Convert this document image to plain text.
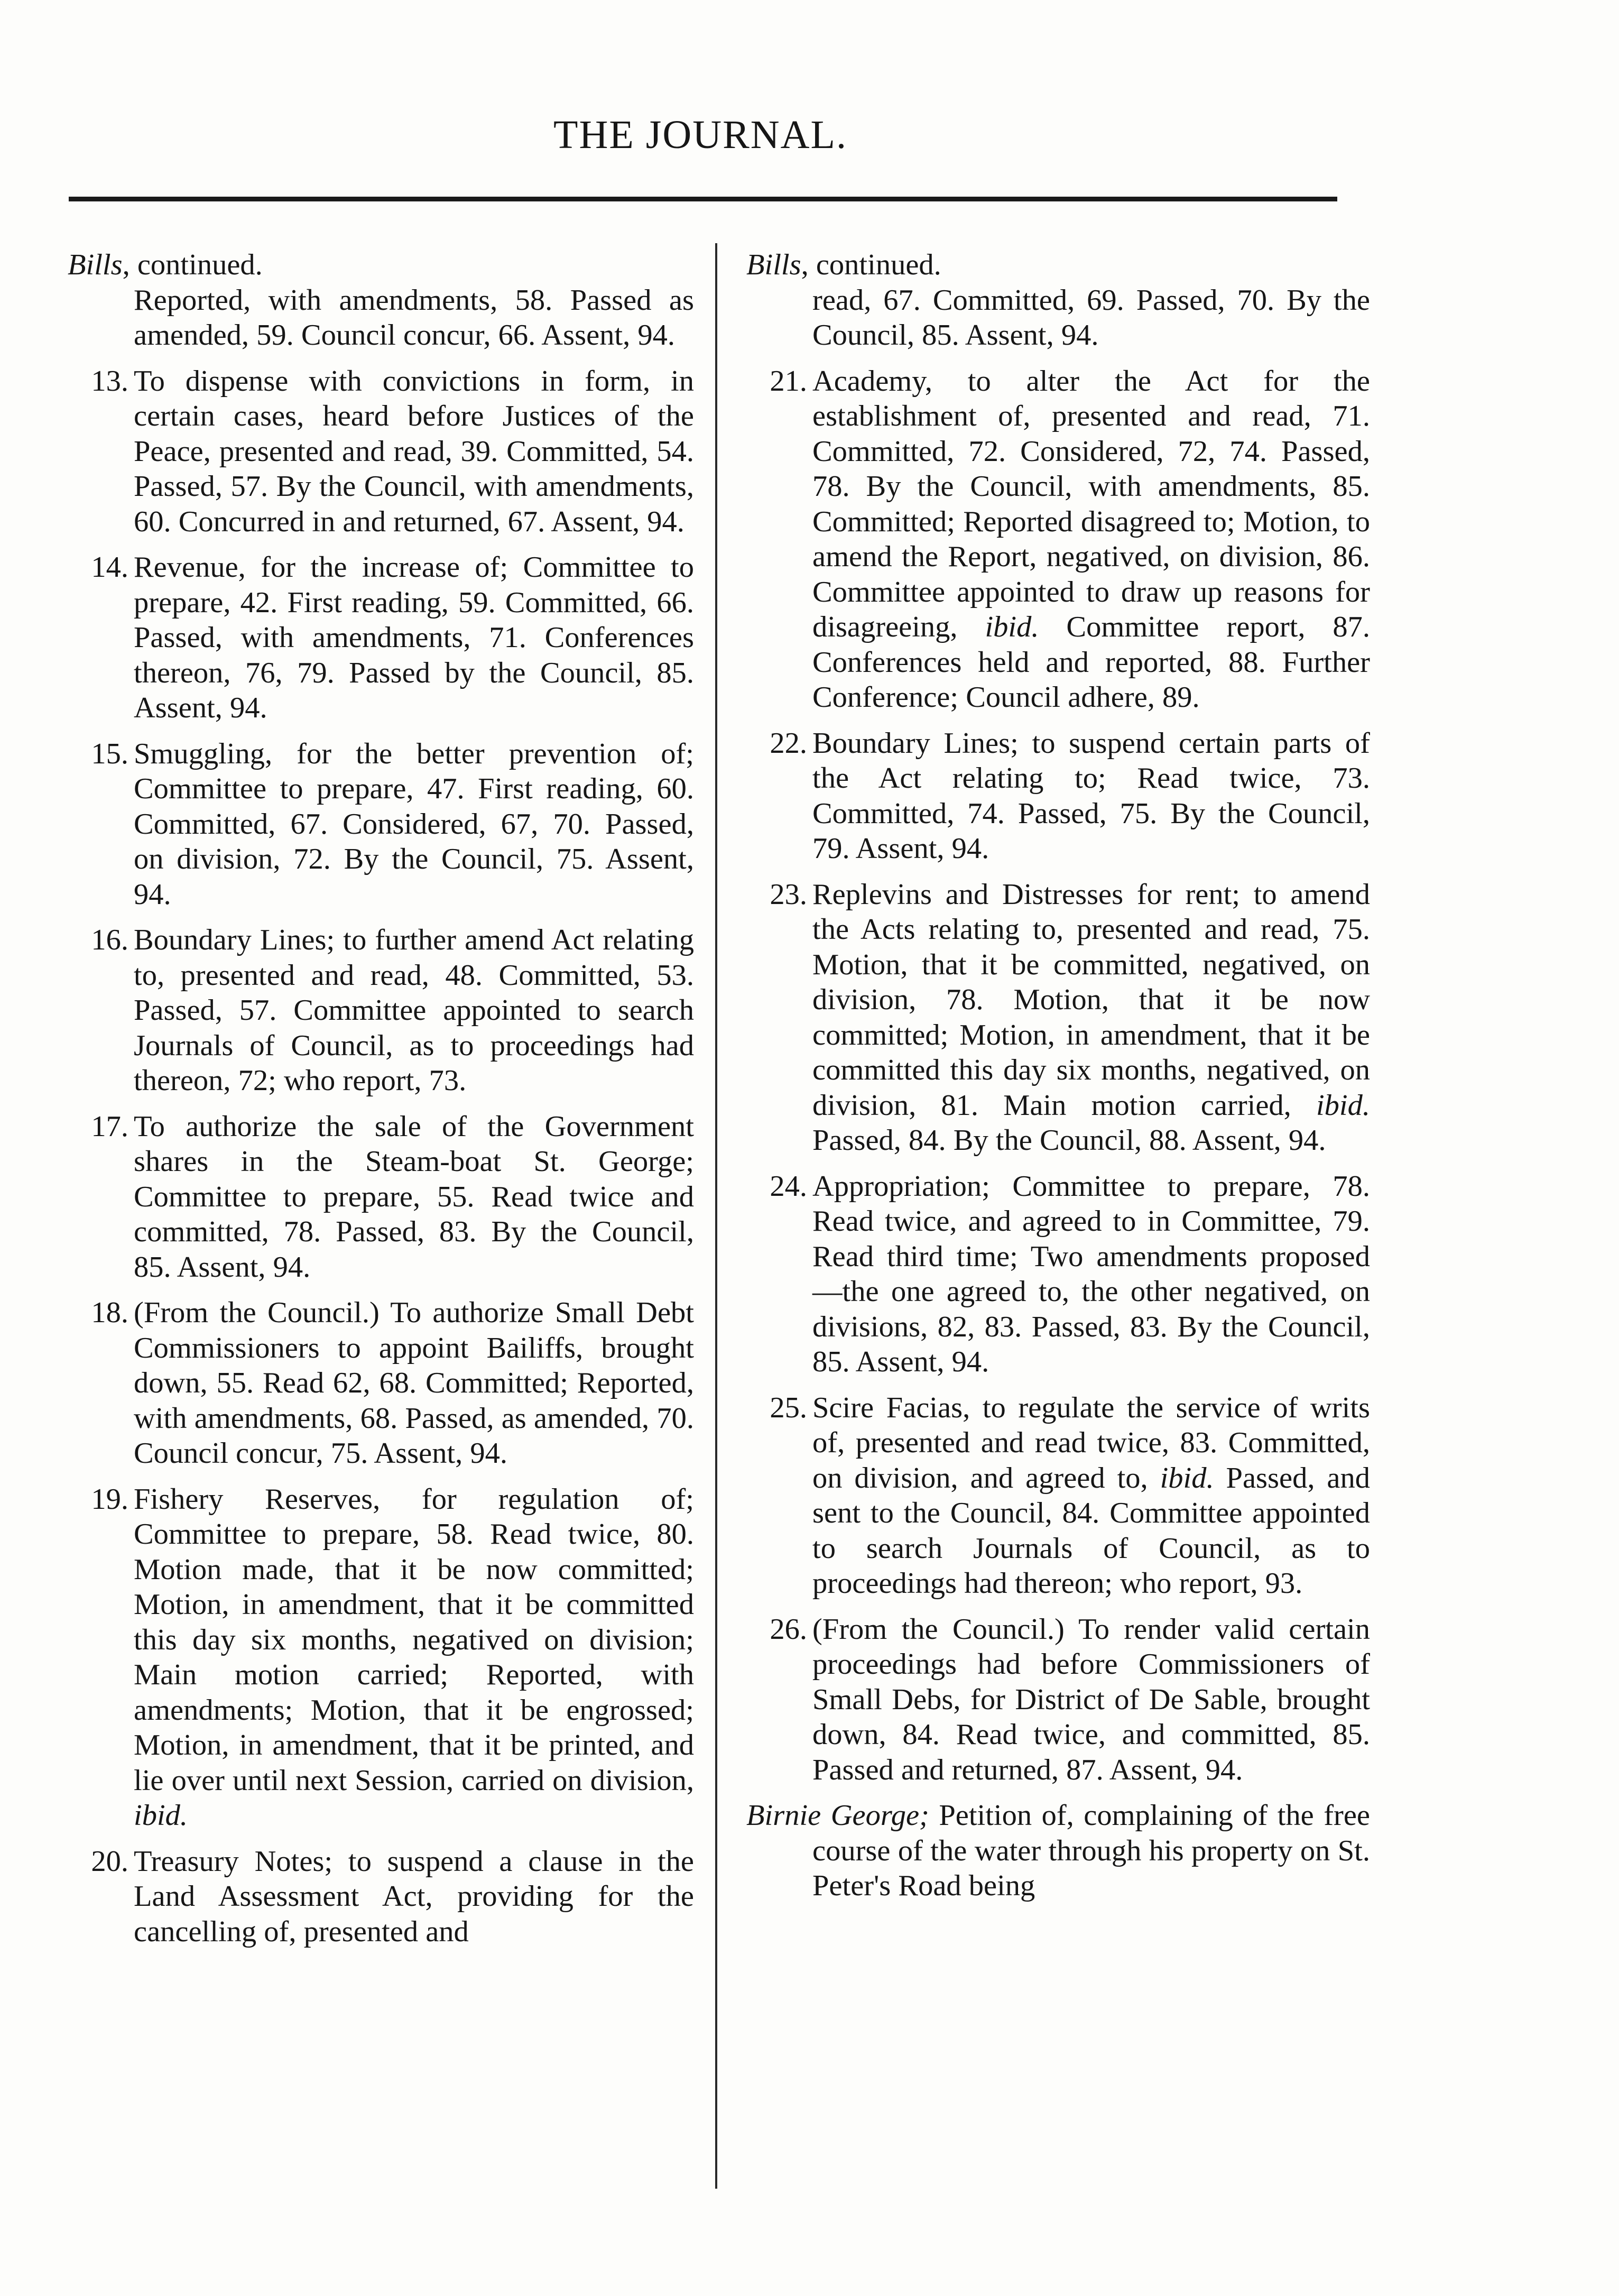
THE JOURNAL.

Bills, continued.

Reported, with amendments, 58. Passed as amended, 59. Council concur, 66. Assent, 94.

13. To dispense with convictions in form, in certain cases, heard before Justices of the Peace, presented and read, 39. Committed, 54. Passed, 57. By the Council, with amendments, 60. Concurred in and returned, 67. Assent, 94.

14. Revenue, for the increase of; Committee to prepare, 42. First reading, 59. Committed, 66. Passed, with amendments, 71. Conferences thereon, 76, 79. Passed by the Council, 85. Assent, 94.

15. Smuggling, for the better prevention of; Committee to prepare, 47. First reading, 60. Committed, 67. Considered, 67, 70. Passed, on division, 72. By the Council, 75. Assent, 94.

16. Boundary Lines; to further amend Act relating to, presented and read, 48. Committed, 53. Passed, 57. Committee appointed to search Journals of Council, as to proceedings had thereon, 72; who report, 73.

17. To authorize the sale of the Government shares in the Steam-boat St. George; Committee to prepare, 55. Read twice and committed, 78. Passed, 83. By the Council, 85. Assent, 94.

18. (From the Council.) To authorize Small Debt Commissioners to appoint Bailiffs, brought down, 55. Read 62, 68. Committed; Reported, with amendments, 68. Passed, as amended, 70. Council concur, 75. Assent, 94.

19. Fishery Reserves, for regulation of; Committee to prepare, 58. Read twice, 80. Motion made, that it be now committed; Motion, in amendment, that it be committed this day six months, negatived on division; Main motion carried; Reported, with amendments; Motion, that it be engrossed; Motion, in amendment, that it be printed, and lie over until next Session, carried on division, ibid.

20. Treasury Notes; to suspend a clause in the Land Assessment Act, providing for the cancelling of, presented and

Bills, continued.

read, 67. Committed, 69. Passed, 70. By the Council, 85. Assent, 94.

21. Academy, to alter the Act for the establishment of, presented and read, 71. Committed, 72. Considered, 72, 74. Passed, 78. By the Council, with amendments, 85. Committed; Reported disagreed to; Motion, to amend the Report, negatived, on division, 86. Committee appointed to draw up reasons for disagreeing, ibid. Committee report, 87. Conferences held and reported, 88. Further Conference; Council adhere, 89.

22. Boundary Lines; to suspend certain parts of the Act relating to; Read twice, 73. Committed, 74. Passed, 75. By the Council, 79. Assent, 94.

23. Replevins and Distresses for rent; to amend the Acts relating to, presented and read, 75. Motion, that it be committed, negatived, on division, 78. Motion, that it be now committed; Motion, in amendment, that it be committed this day six months, negatived, on division, 81. Main motion carried, ibid. Passed, 84. By the Council, 88. Assent, 94.

24. Appropriation; Committee to prepare, 78. Read twice, and agreed to in Committee, 79. Read third time; Two amendments proposed—the one agreed to, the other negatived, on divisions, 82, 83. Passed, 83. By the Council, 85. Assent, 94.

25. Scire Facias, to regulate the service of writs of, presented and read twice, 83. Committed, on division, and agreed to, ibid. Passed, and sent to the Council, 84. Committee appointed to search Journals of Council, as to proceedings had thereon; who report, 93.

26. (From the Council.) To render valid certain proceedings had before Commissioners of Small Debs, for District of De Sable, brought down, 84. Read twice, and committed, 85. Passed and returned, 87. Assent, 94.

Birnie George; Petition of, complaining of the free course of the water through his property on St. Peter's Road being
